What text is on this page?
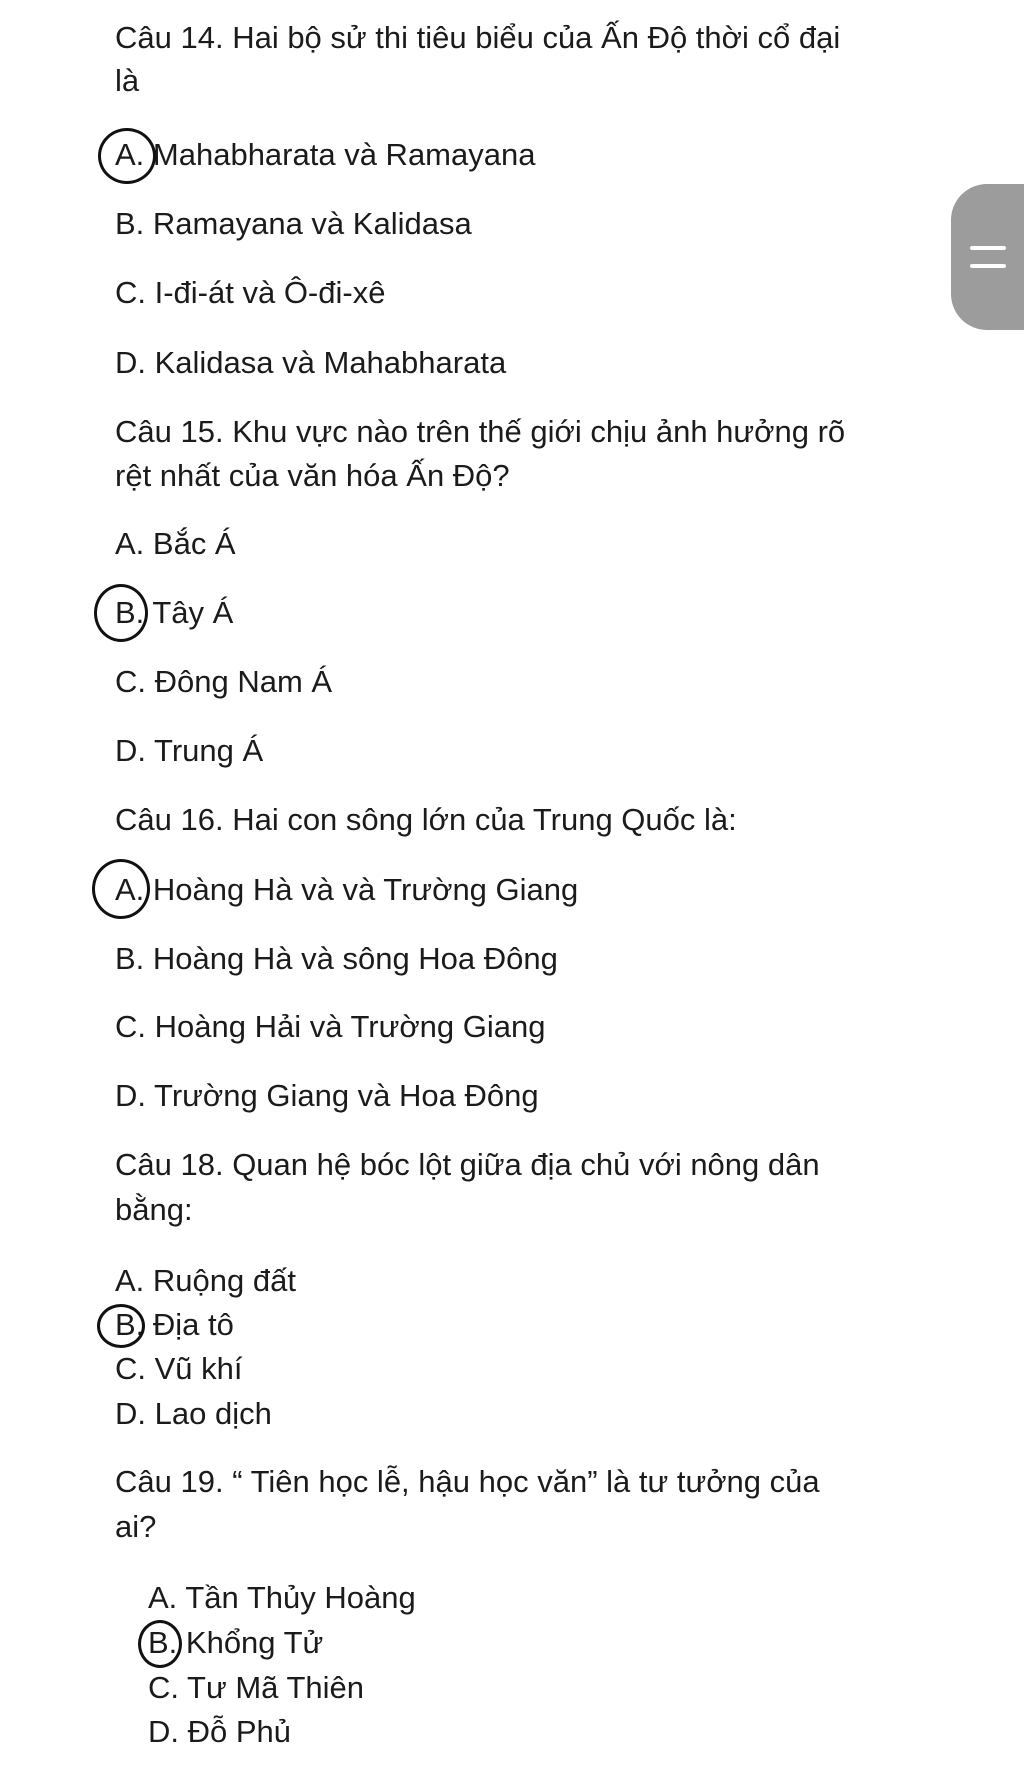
Câu 14. Hai bộ sử thi tiêu biểu của Ấn Độ thời cổ đại
là
A. Mahabharata và Ramayana
B. Ramayana và Kalidasa
C. I-đi-át và Ô-đi-xê
D. Kalidasa và Mahabharata
Câu 15. Khu vực nào trên thế giới chịu ảnh hưởng rõ
rệt nhất của văn hóa Ấn Độ?
A. Bắc Á
B. Tây Á
C. Đông Nam Á
D. Trung Á
Câu 16. Hai con sông lớn của Trung Quốc là:
A. Hoàng Hà và và Trường Giang
B. Hoàng Hà và sông Hoa Đông
C. Hoàng Hải và Trường Giang
D. Trường Giang và Hoa Đông
Câu 18. Quan hệ bóc lột giữa địa chủ với nông dân
bằng:
A. Ruộng đất
B. Địa tô
C. Vũ khí
D. Lao dịch
Câu 19. “ Tiên học lễ, hậu học văn” là tư tưởng của
ai?
A. Tần Thủy Hoàng
B. Khổng Tử
C. Tư Mã Thiên
D. Đỗ Phủ
